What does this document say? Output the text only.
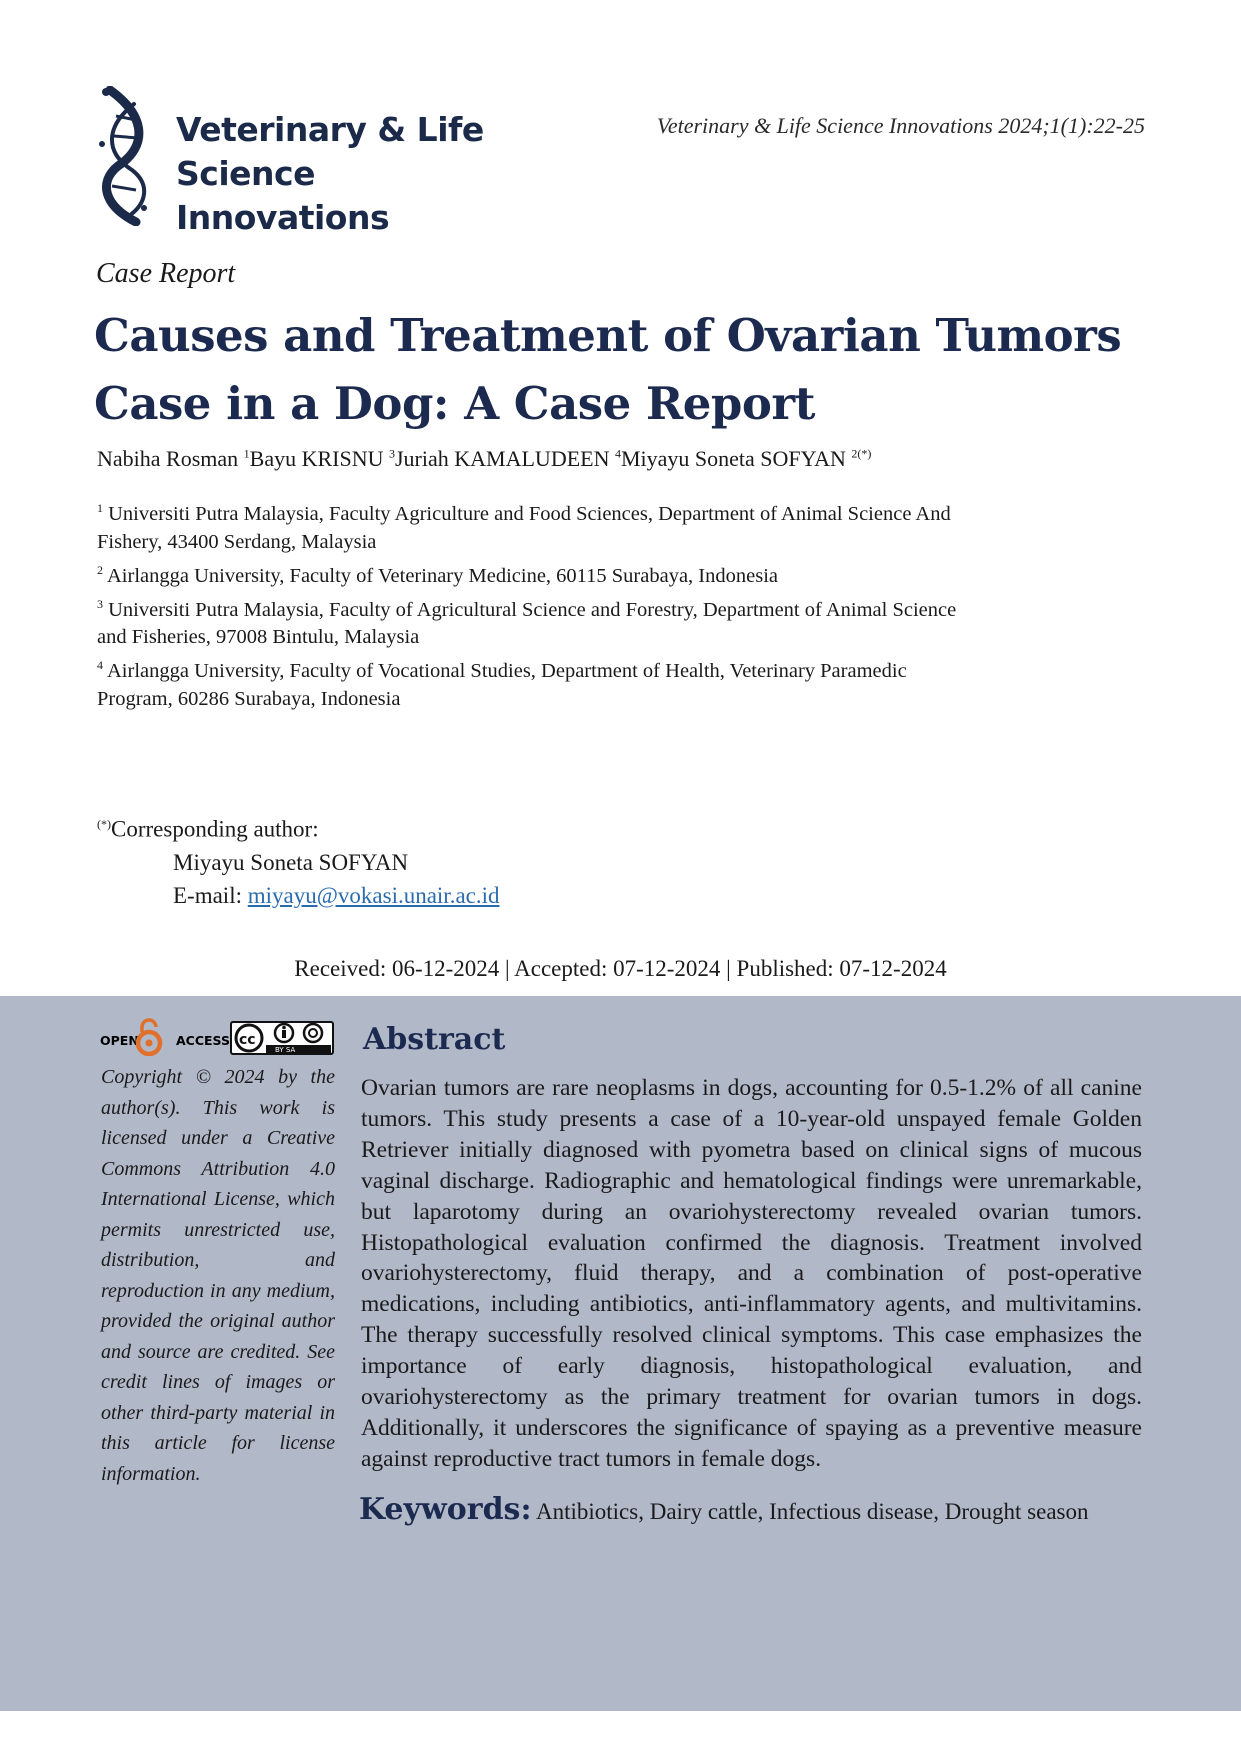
Veterinary & Life Science
Innovations
Veterinary & Life Science Innovations 2024;1(1):22-25
Case Report
Causes and Treatment of Ovarian Tumors
Case in a Dog: A Case Report
Nabiha Rosman $^1$Bayu KRISNU $^3$Juriah KAMALUDEEN $^4$Miyayu Soneta SOFYAN $^{2(*)}$

$^1$ Universiti Putra Malaysia, Faculty Agriculture and Food Sciences, Department of Animal Science And
Fishery, 43400 Serdang, Malaysia

$^2$ Airlangga University, Faculty of Veterinary Medicine, 60115 Surabaya, Indonesia

$^3$ Universiti Putra Malaysia, Faculty of Agricultural Science and Forestry, Department of Animal Science
and Fisheries, 97008 Bintulu, Malaysia

$^4$ Airlangga University, Faculty of Vocational Studies, Department of Health, Veterinary Paramedic
Program, 60286 Surabaya, Indonesia

(*)Corresponding author:
Miyayu Soneta SOFYAN
E-mail: miyayu@vokasi.unair.ac.id
Received: 06-12-2024 | Accepted: 07-12-2024 | Published: 07-12-2024
OPEN	ACCESS cc
BY SA
Copyright © 2024 by the author(s). This work is licensed under a Creative Commons Attribution 4.0 International License, which permits unrestricted use, distribution, and reproduction in any medium, provided the original author and source are credited. See credit lines of images or other third-party material in this article for license information.
Abstract
Ovarian tumors are rare neoplasms in dogs, accounting for 0.5-1.2% of all canine tumors. This study presents a case of a 10-year-old unspayed female Golden Retriever initially diagnosed with pyometra based on clinical signs of mucous vaginal discharge. Radiographic and hematological findings were unremarkable, but laparotomy during an ovariohysterectomy revealed ovarian tumors. Histopathological evaluation confirmed the diagnosis. Treatment involved ovariohysterectomy, fluid therapy, and a combination of post-operative medications, including antibiotics, anti-inflammatory agents, and multivitamins. The therapy successfully resolved clinical symptoms. This case emphasizes the importance of early diagnosis, histopathological evaluation, and ovariohysterectomy as the primary treatment for ovarian tumors in dogs. Additionally, it underscores the significance of spaying as a preventive measure against reproductive tract tumors in female dogs.
Keywords: Antibiotics, Dairy cattle, Infectious disease, Drought season
